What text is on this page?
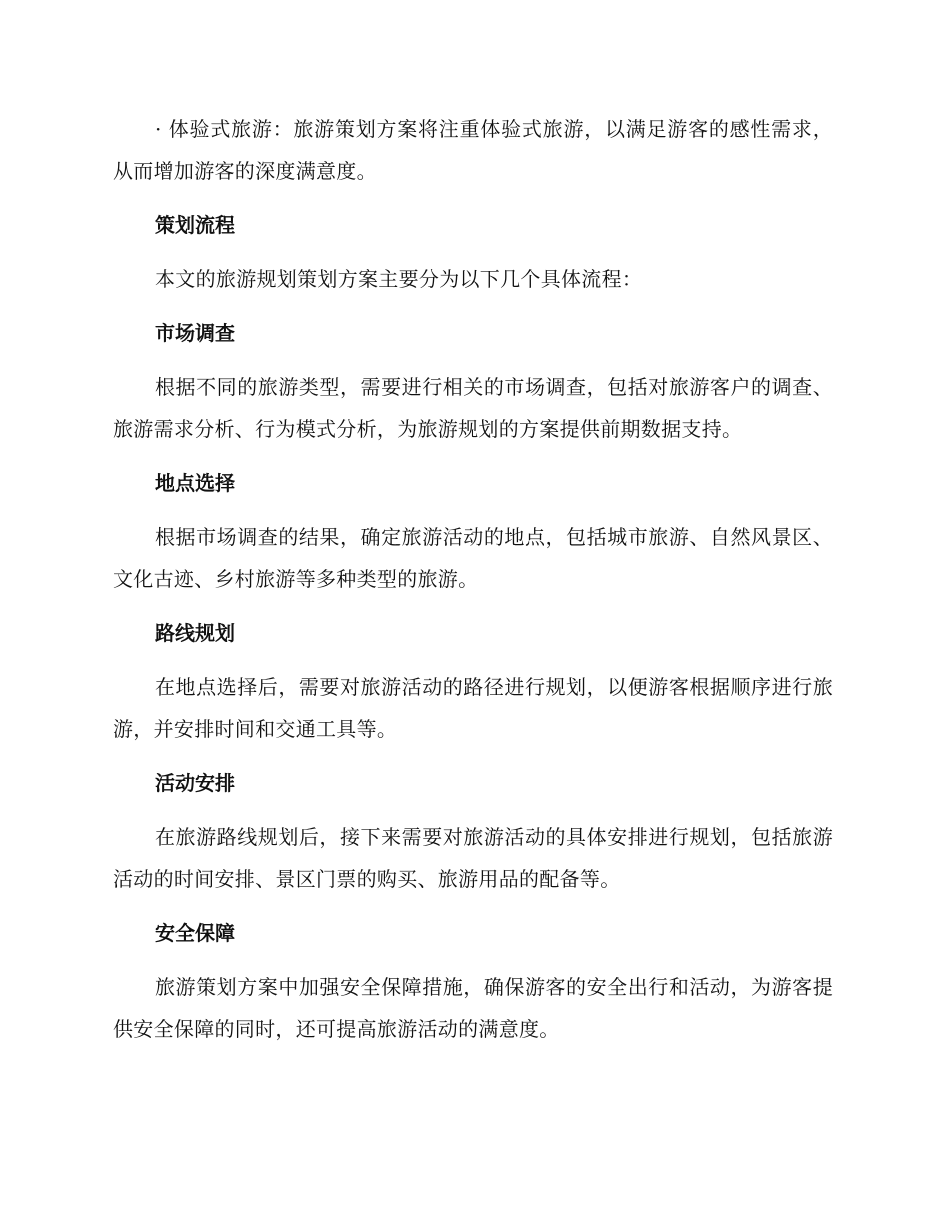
· 体验式旅游：旅游策划方案将注重体验式旅游，以满足游客的感性需求，从而增加游客的深度满意度。

策划流程

本文的旅游规划策划方案主要分为以下几个具体流程：

市场调查

根据不同的旅游类型，需要进行相关的市场调查，包括对旅游客户的调查、旅游需求分析、行为模式分析，为旅游规划的方案提供前期数据支持。

地点选择

根据市场调查的结果，确定旅游活动的地点，包括城市旅游、自然风景区、文化古迹、乡村旅游等多种类型的旅游。

路线规划

在地点选择后，需要对旅游活动的路径进行规划，以便游客根据顺序进行旅游，并安排时间和交通工具等。

活动安排

在旅游路线规划后，接下来需要对旅游活动的具体安排进行规划，包括旅游活动的时间安排、景区门票的购买、旅游用品的配备等。

安全保障

旅游策划方案中加强安全保障措施，确保游客的安全出行和活动，为游客提供安全保障的同时，还可提高旅游活动的满意度。
